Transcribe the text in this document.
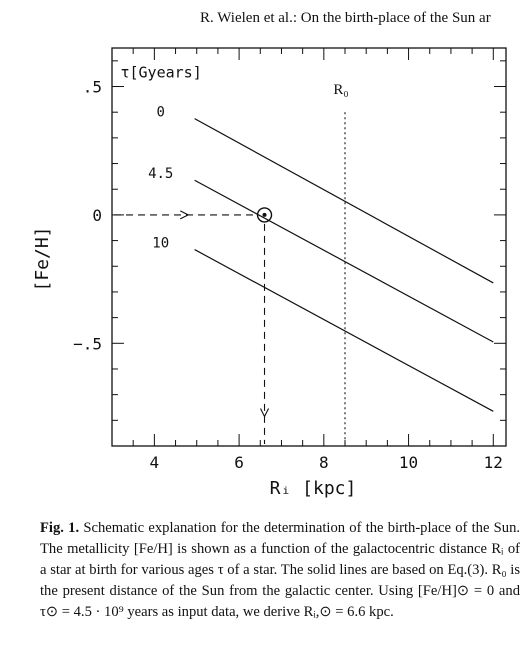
R. Wielen et al.: On the birth-place of the Sun ar
4	6	8	10	12
.5
0
−.5
Rᵢ [kpc]
[Fe/H]
0
4.5
10
τ[Gyears]
R₀
Fig. 1. Schematic explanation for the determination of the birth-place of the Sun. The metallicity [Fe/H] is shown as a function of the galactocentric distance Rᵢ of a star at birth for various ages τ of a star. The solid lines are based on Eq.(3). R₀ is the present distance of the Sun from the galactic center. Using [Fe/H]⊙ = 0 and τ⊙ = 4.5 · 10⁹ years as input data, we derive Rᵢ,⊙ = 6.6 kpc.
